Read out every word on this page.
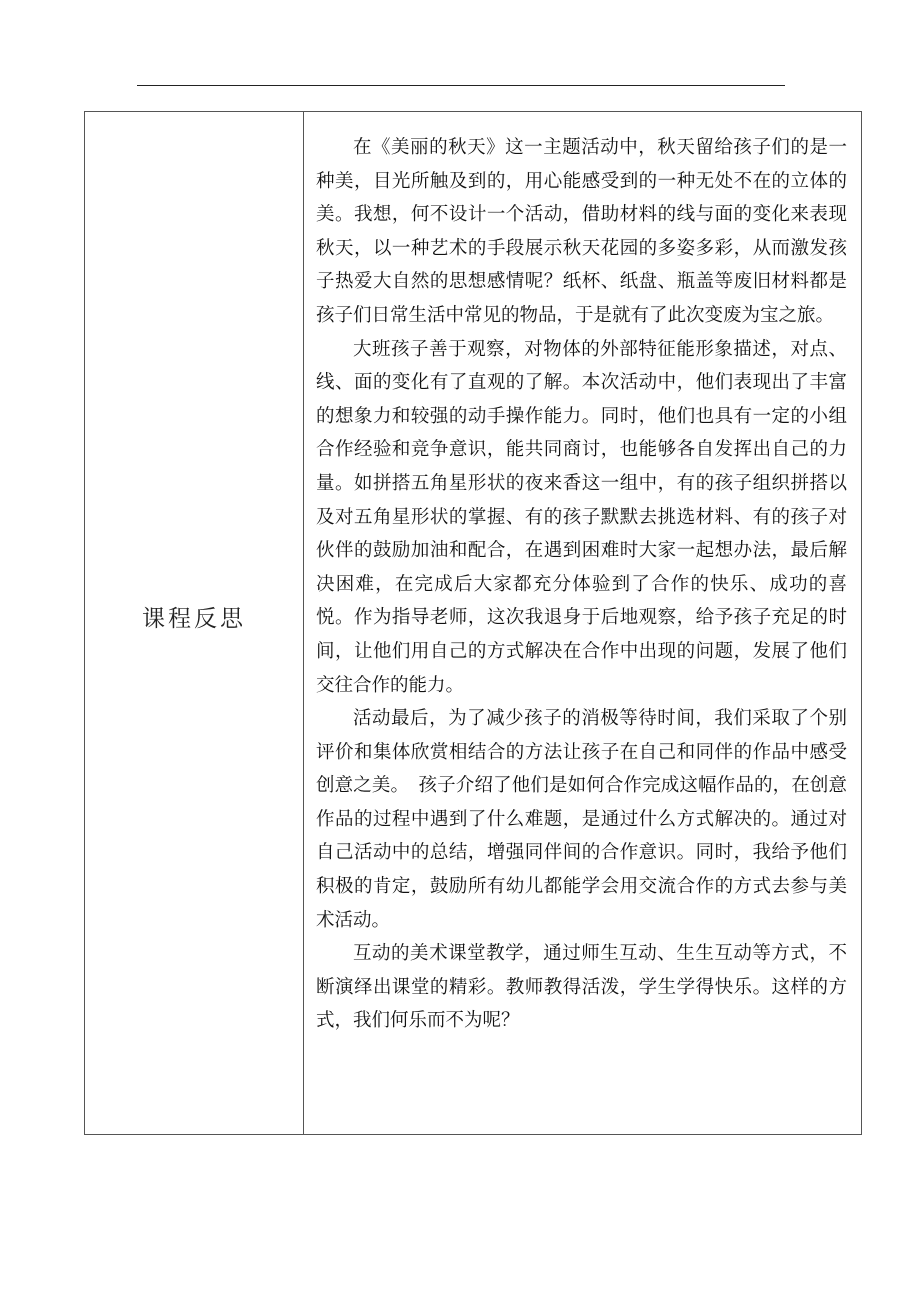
课程反思

在《美丽的秋天》这一主题活动中，秋天留给孩子们的是一种美，目光所触及到的，用心能感受到的一种无处不在的立体的美。我想，何不设计一个活动，借助材料的线与面的变化来表现秋天，以一种艺术的手段展示秋天花园的多姿多彩，从而激发孩子热爱大自然的思想感情呢？纸杯、纸盘、瓶盖等废旧材料都是孩子们日常生活中常见的物品，于是就有了此次变废为宝之旅。

大班孩子善于观察，对物体的外部特征能形象描述，对点、线、面的变化有了直观的了解。本次活动中，他们表现出了丰富的想象力和较强的动手操作能力。同时，他们也具有一定的小组合作经验和竞争意识，能共同商讨，也能够各自发挥出自己的力量。如拼搭五角星形状的夜来香这一组中，有的孩子组织拼搭以及对五角星形状的掌握、有的孩子默默去挑选材料、有的孩子对伙伴的鼓励加油和配合，在遇到困难时大家一起想办法，最后解决困难，在完成后大家都充分体验到了合作的快乐、成功的喜悦。作为指导老师，这次我退身于后地观察，给予孩子充足的时间，让他们用自己的方式解决在合作中出现的问题，发展了他们交往合作的能力。

活动最后，为了减少孩子的消极等待时间，我们采取了个别评价和集体欣赏相结合的方法让孩子在自己和同伴的作品中感受创意之美。　孩子介绍了他们是如何合作完成这幅作品的，在创意作品的过程中遇到了什么难题，是通过什么方式解决的。通过对自己活动中的总结，增强同伴间的合作意识。同时，我给予他们积极的肯定，鼓励所有幼儿都能学会用交流合作的方式去参与美术活动。

互动的美术课堂教学，通过师生互动、生生互动等方式，不断演绎出课堂的精彩。教师教得活泼，学生学得快乐。这样的方式，我们何乐而不为呢？
